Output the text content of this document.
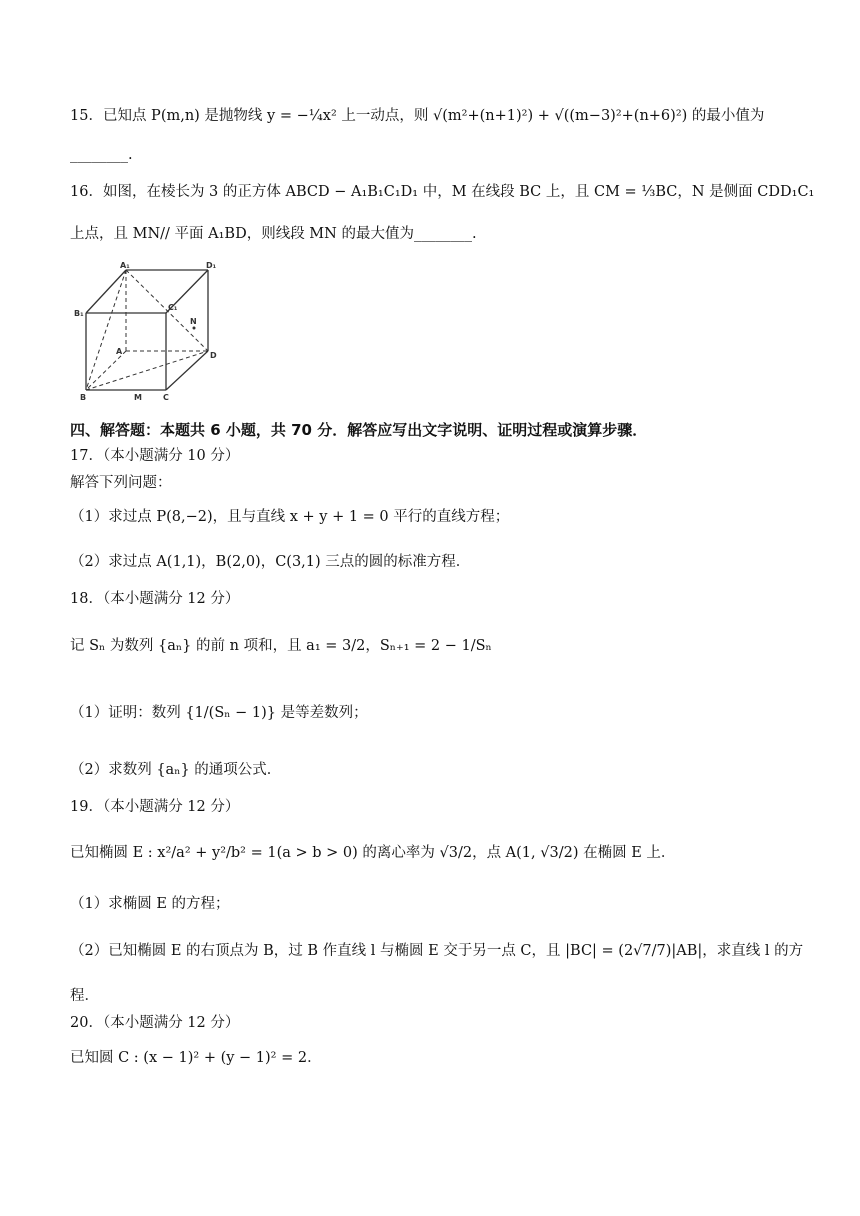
15．已知点 P(m,n) 是抛物线 y = −¼x² 上一动点，则 √(m²+(n+1)²) + √((m−3)²+(n+6)²) 的最小值为
________.
16．如图，在棱长为 3 的正方体 ABCD − A₁B₁C₁D₁ 中，M 在线段 BC 上，且 CM = ⅓BC，N 是侧面 CDD₁C₁
上点，且 MN// 平面 A₁BD，则线段 MN 的最大值为________.
A₁	D₁
B₁
C₁
N
A	D
B	M	C
四、解答题：本题共 6 小题，共 70 分．解答应写出文字说明、证明过程或演算步骤．
17．（本小题满分 10 分）
解答下列问题：
（1）求过点 P(8,−2)，且与直线 x + y + 1 = 0 平行的直线方程；
（2）求过点 A(1,1)，B(2,0)，C(3,1) 三点的圆的标准方程．
18．（本小题满分 12 分）
记 Sₙ 为数列 {aₙ} 的前 n 项和，且 a₁ = 3/2，Sₙ₊₁ = 2 − 1/Sₙ
（1）证明：数列 {1/(Sₙ − 1)} 是等差数列；
（2）求数列 {aₙ} 的通项公式．
19．（本小题满分 12 分）
已知椭圆 E : x²/a² + y²/b² = 1(a > b > 0) 的离心率为 √3/2，点 A(1, √3/2) 在椭圆 E 上．
（1）求椭圆 E 的方程；
（2）已知椭圆 E 的右顶点为 B，过 B 作直线 l 与椭圆 E 交于另一点 C，且 |BC| = (2√7/7)|AB|，求直线 l 的方
程．
20．（本小题满分 12 分）
已知圆 C : (x − 1)² + (y − 1)² = 2．
